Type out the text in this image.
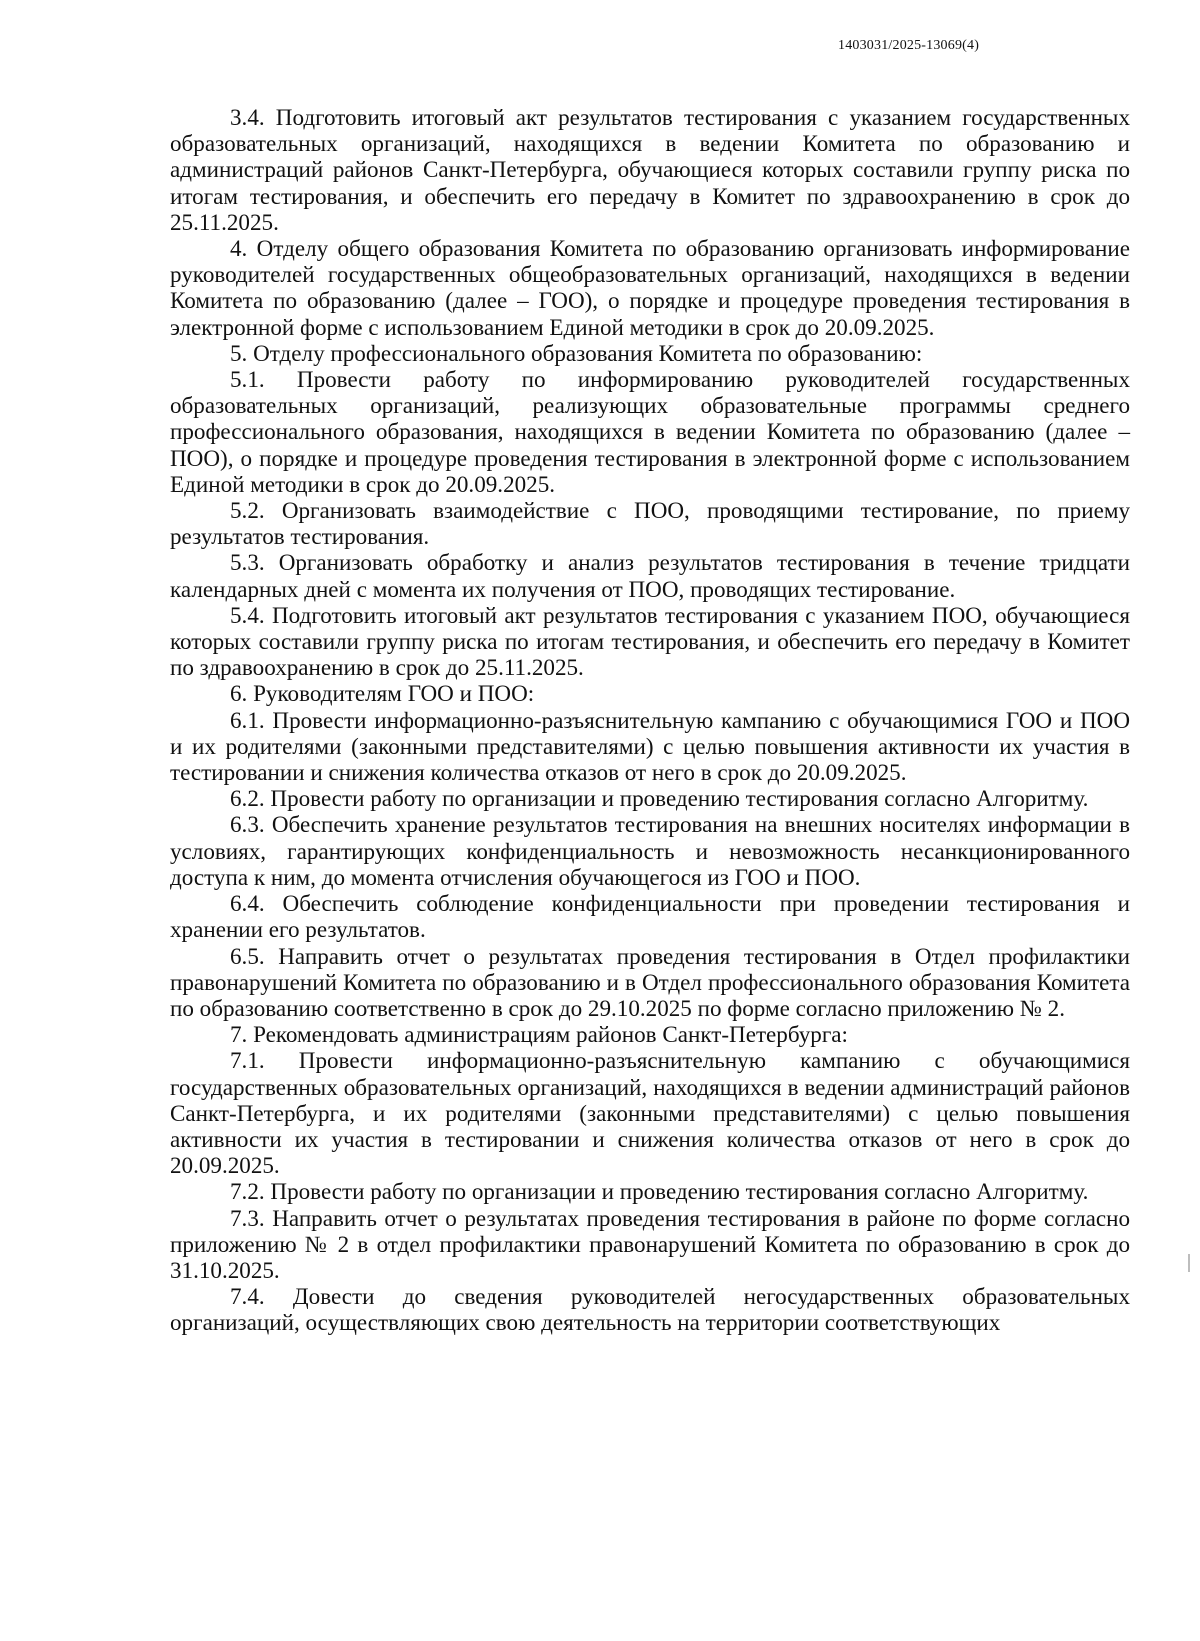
1403031/2025-13069(4)

3.4. Подготовить итоговый акт результатов тестирования с указанием государственных образовательных организаций, находящихся в ведении Комитета по образованию и администраций районов Санкт-Петербурга, обучающиеся которых составили группу риска по итогам тестирования, и обеспечить его передачу в Комитет по здравоохранению в срок до 25.11.2025.

4. Отделу общего образования Комитета по образованию организовать информирование руководителей государственных общеобразовательных организаций, находящихся в ведении Комитета по образованию (далее – ГОО), о порядке и процедуре проведения тестирования в электронной форме с использованием Единой методики в срок до 20.09.2025.

5. Отделу профессионального образования Комитета по образованию:

5.1. Провести работу по информированию руководителей государственных образовательных организаций, реализующих образовательные программы среднего профессионального образования, находящихся в ведении Комитета по образованию (далее – ПОО), о порядке и процедуре проведения тестирования в электронной форме с использованием Единой методики в срок до 20.09.2025.

5.2. Организовать взаимодействие с ПОО, проводящими тестирование, по приему результатов тестирования.

5.3. Организовать обработку и анализ результатов тестирования в течение тридцати календарных дней с момента их получения от ПОО, проводящих тестирование.

5.4. Подготовить итоговый акт результатов тестирования с указанием ПОО, обучающиеся которых составили группу риска по итогам тестирования, и обеспечить его передачу в Комитет по здравоохранению в срок до 25.11.2025.

6. Руководителям ГОО и ПОО:

6.1. Провести информационно-разъяснительную кампанию с обучающимися ГОО и ПОО и их родителями (законными представителями) с целью повышения активности их участия в тестировании и снижения количества отказов от него в срок до 20.09.2025.

6.2. Провести работу по организации и проведению тестирования согласно Алгоритму.

6.3. Обеспечить хранение результатов тестирования на внешних носителях информации в условиях, гарантирующих конфиденциальность и невозможность несанкционированного доступа к ним, до момента отчисления обучающегося из ГОО и ПОО.

6.4. Обеспечить соблюдение конфиденциальности при проведении тестирования и хранении его результатов.

6.5. Направить отчет о результатах проведения тестирования в Отдел профилактики правонарушений Комитета по образованию и в Отдел профессионального образования Комитета по образованию соответственно в срок до 29.10.2025 по форме согласно приложению № 2.

7. Рекомендовать администрациям районов Санкт-Петербурга:

7.1. Провести информационно-разъяснительную кампанию с обучающимися государственных образовательных организаций, находящихся в ведении администраций районов Санкт-Петербурга, и их родителями (законными представителями) с целью повышения активности их участия в тестировании и снижения количества отказов от него в срок до 20.09.2025.

7.2. Провести работу по организации и проведению тестирования согласно Алгоритму.

7.3. Направить отчет о результатах проведения тестирования в районе по форме согласно приложению № 2 в отдел профилактики правонарушений Комитета по образованию в срок до 31.10.2025.

7.4. Довести до сведения руководителей негосударственных образовательных организаций, осуществляющих свою деятельность на территории соответствующих
